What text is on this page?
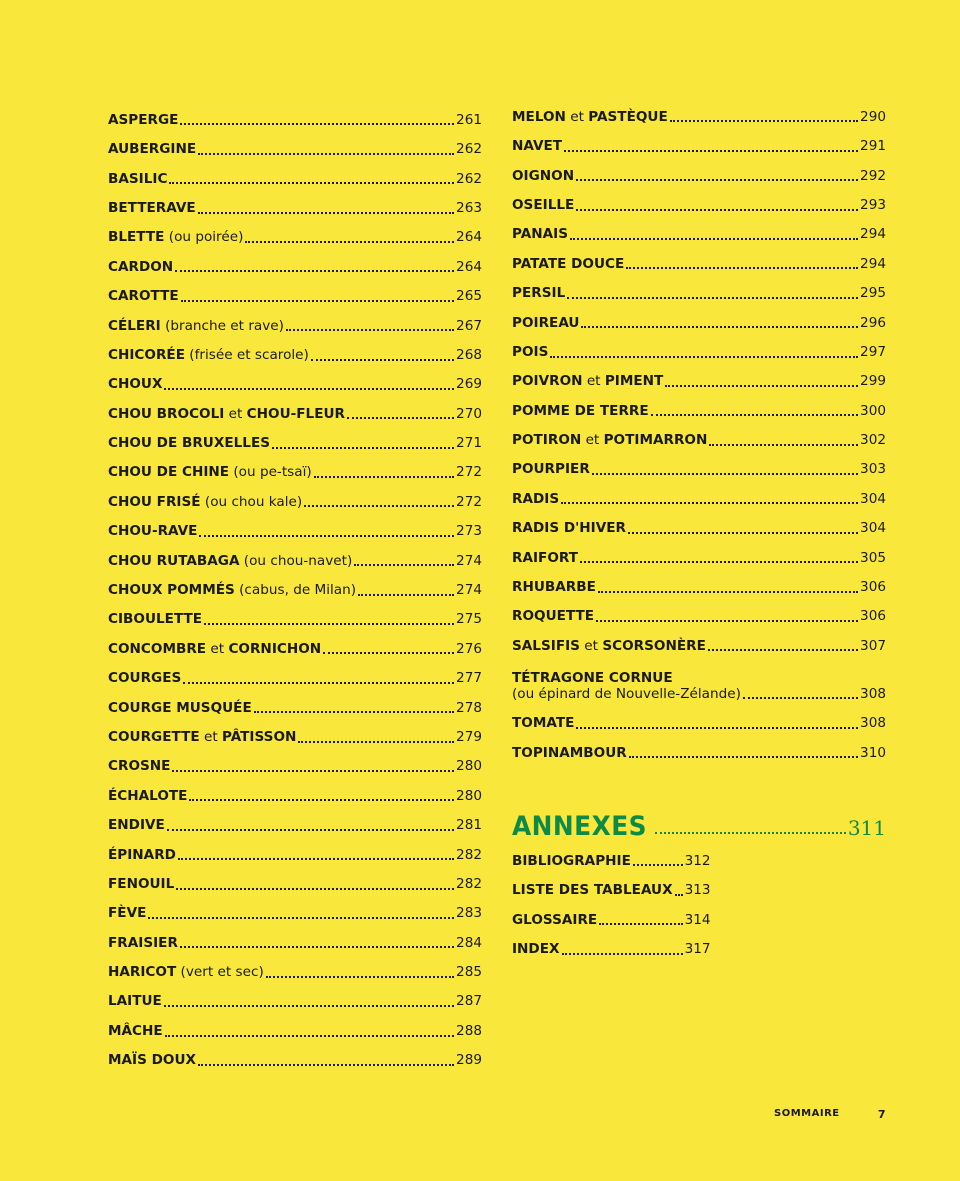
ASPERGE	261
AUBERGINE	262
BASILIC	262
BETTERAVE	263
BLETTE (ou poirée)	264
CARDON	264
CAROTTE	265
CÉLERI (branche et rave)	267
CHICORÉE (frisée et scarole)	268
CHOUX	269
CHOU BROCOLI et CHOU-FLEUR	270
CHOU DE BRUXELLES	271
CHOU DE CHINE (ou pe-tsaï)	272
CHOU FRISÉ (ou chou kale)	272
CHOU-RAVE	273
CHOU RUTABAGA (ou chou-navet)	274
CHOUX POMMÉS (cabus, de Milan)	274
CIBOULETTE	275
CONCOMBRE et CORNICHON	276
COURGES	277
COURGE MUSQUÉE	278
COURGETTE et PÂTISSON	279
CROSNE	280
ÉCHALOTE	280
ENDIVE	281
ÉPINARD	282
FENOUIL	282
FÈVE	283
FRAISIER	284
HARICOT (vert et sec)	285
LAITUE	287
MÂCHE	288
MAÏS DOUX	289
MELON et PASTÈQUE	290
NAVET	291
OIGNON	292
OSEILLE	293
PANAIS	294
PATATE DOUCE	294
PERSIL	295
POIREAU	296
POIS	297
POIVRON et PIMENT	299
POMME DE TERRE	300
POTIRON et POTIMARRON	302
POURPIER	303
RADIS	304
RADIS D'HIVER	304
RAIFORT	305
RHUBARBE	306
ROQUETTE	306
SALSIFIS et SCORSONÈRE	307
TÉTRAGONE CORNUE
(ou épinard de Nouvelle-Zélande)	308
TOMATE	308
TOPINAMBOUR	310
ANNEXES	311
BIBLIOGRAPHIE	312
LISTE DES TABLEAUX 313
GLOSSAIRE	314
INDEX	317
SOMMAIRE	7
